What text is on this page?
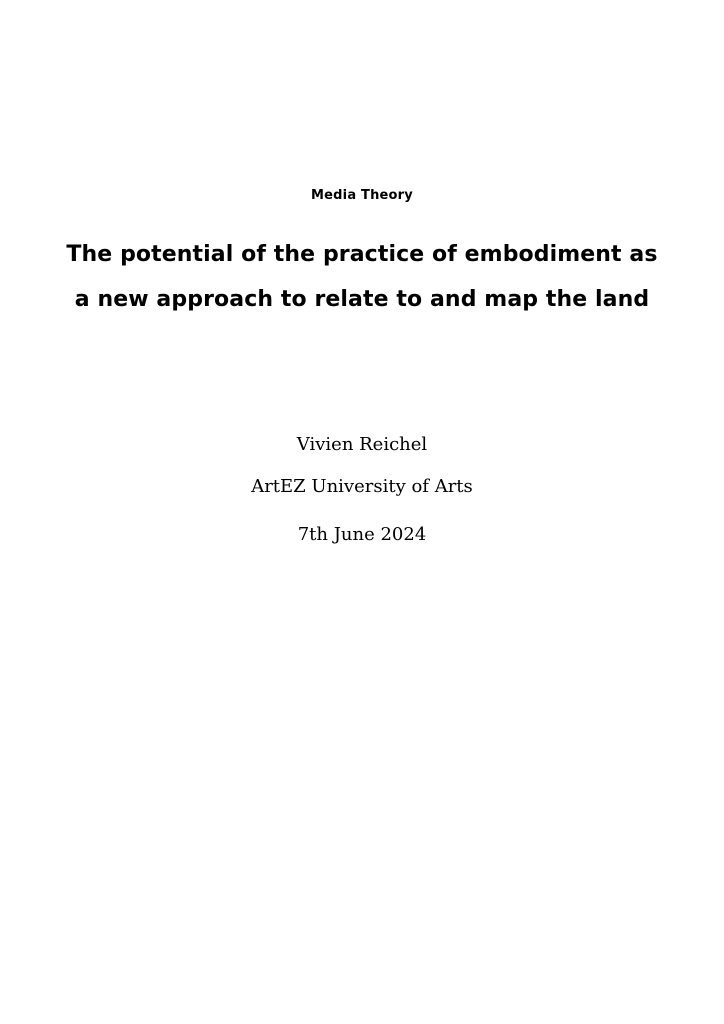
Media Theory
The potential of the practice of embodiment as
a new approach to relate to and map the land
Vivien Reichel
ArtEZ University of Arts
7th June 2024
